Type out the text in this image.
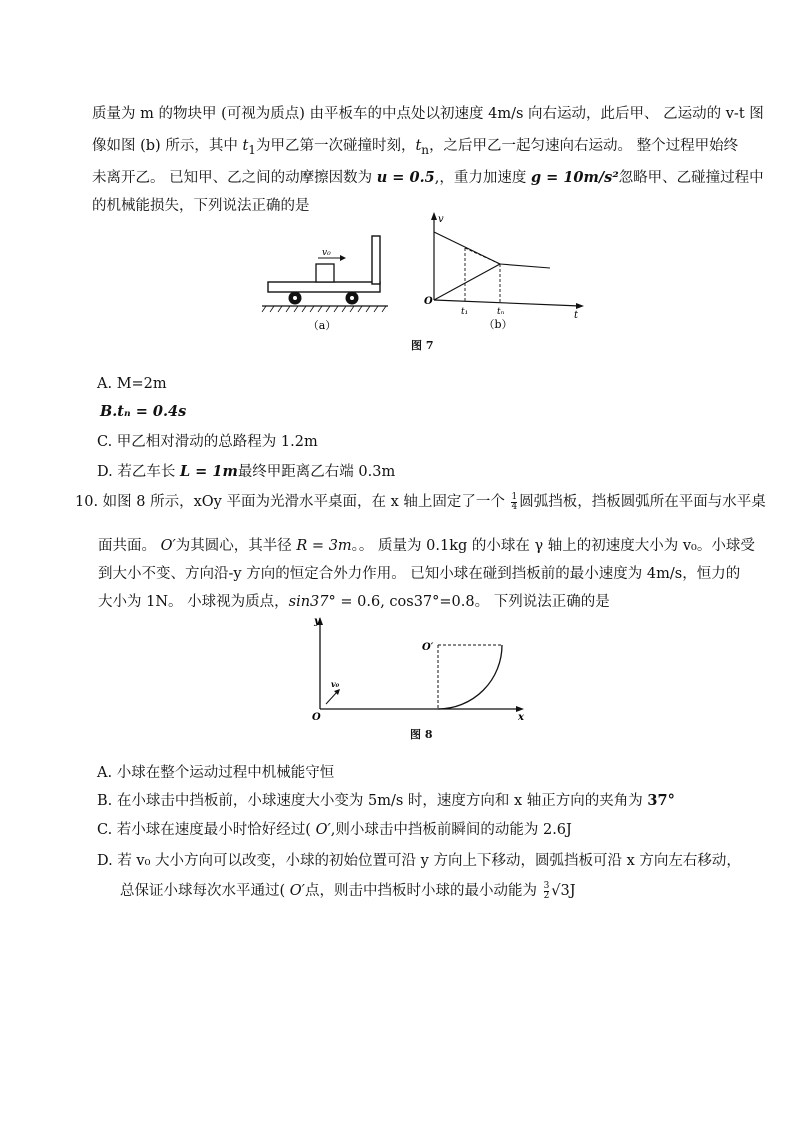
质量为 m 的物块甲 (可视为质点) 由平板车的中点处以初速度 4m/s 向右运动，此后甲、 乙运动的 v-t 图
像如图 (b) 所示，其中 $t_1$为甲乙第一次碰撞时刻，$t_n$，之后甲乙一起匀速向右运动。 整个过程甲始终
未离开乙。 已知甲、乙之间的动摩擦因数为 u = 0.5,，重力加速度 g = 10m/s²忽略甲、乙碰撞过程中
的机械能损失，下列说法正确的是
v₀
（a）
v
t
O
t₁	tₙ
（b）
图 7
A. M=2m
B.tₙ = 0.4s
C. 甲乙相对滑动的总路程为 1.2m
D. 若乙车长 L = 1m最终甲距离乙右端 0.3m
10. 如图 8 所示，xOy 平面为光滑水平桌面，在 x 轴上固定了一个 $\frac{1}{4}$ 圆弧挡板，挡板圆弧所在平面与水平桌
面共面。 O′为其圆心，其半径 R = 3m。。 质量为 0.1kg 的小球在 γ 轴上的初速度大小为 v₀。小球受
到大小不变、方向沿-y 方向的恒定合外力作用。 已知小球在碰到挡板前的最小速度为 4m/s，恒力的
大小为 1N。 小球视为质点，sin37° = 0.6, cos37°=0.8。 下列说法正确的是
y
x
O
v₀
O′
图 8
A. 小球在整个运动过程中机械能守恒
B. 在小球击中挡板前，小球速度大小变为 5m/s 时，速度方向和 x 轴正方向的夹角为 37°
C. 若小球在速度最小时恰好经过( O′,则小球击中挡板前瞬间的动能为 2.6J
D. 若 v₀ 大小方向可以改变，小球的初始位置可沿 y 方向上下移动，圆弧挡板可沿 x 方向左右移动，
总保证小球每次水平通过( O′点，则击中挡板时小球的最小动能为 $\frac{3}{2} √3J$
